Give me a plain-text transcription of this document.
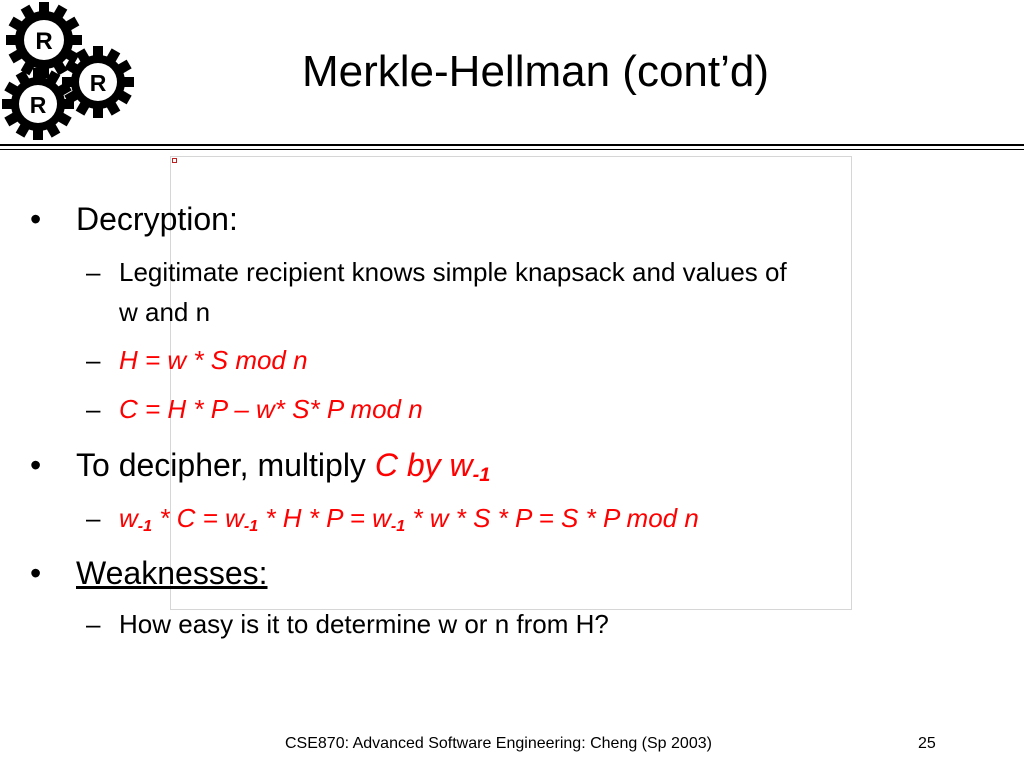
R
R
R
Merkle-Hellman (cont’d)
• Decryption:
– Legitimate recipient knows simple knapsack and values of
w and n
– H = w * S mod n
– C = H * P – w* S* P mod n
• To decipher, multiply C by $w_{-1}$
– $w_{-1} * C = w_{-1} * H * P = w_{-1} * w * S * P = S * P$ mod n
• Weaknesses:
– How easy is it to determine w or n from H?
CSE870: Advanced Software Engineering: Cheng (Sp 2003)	25
